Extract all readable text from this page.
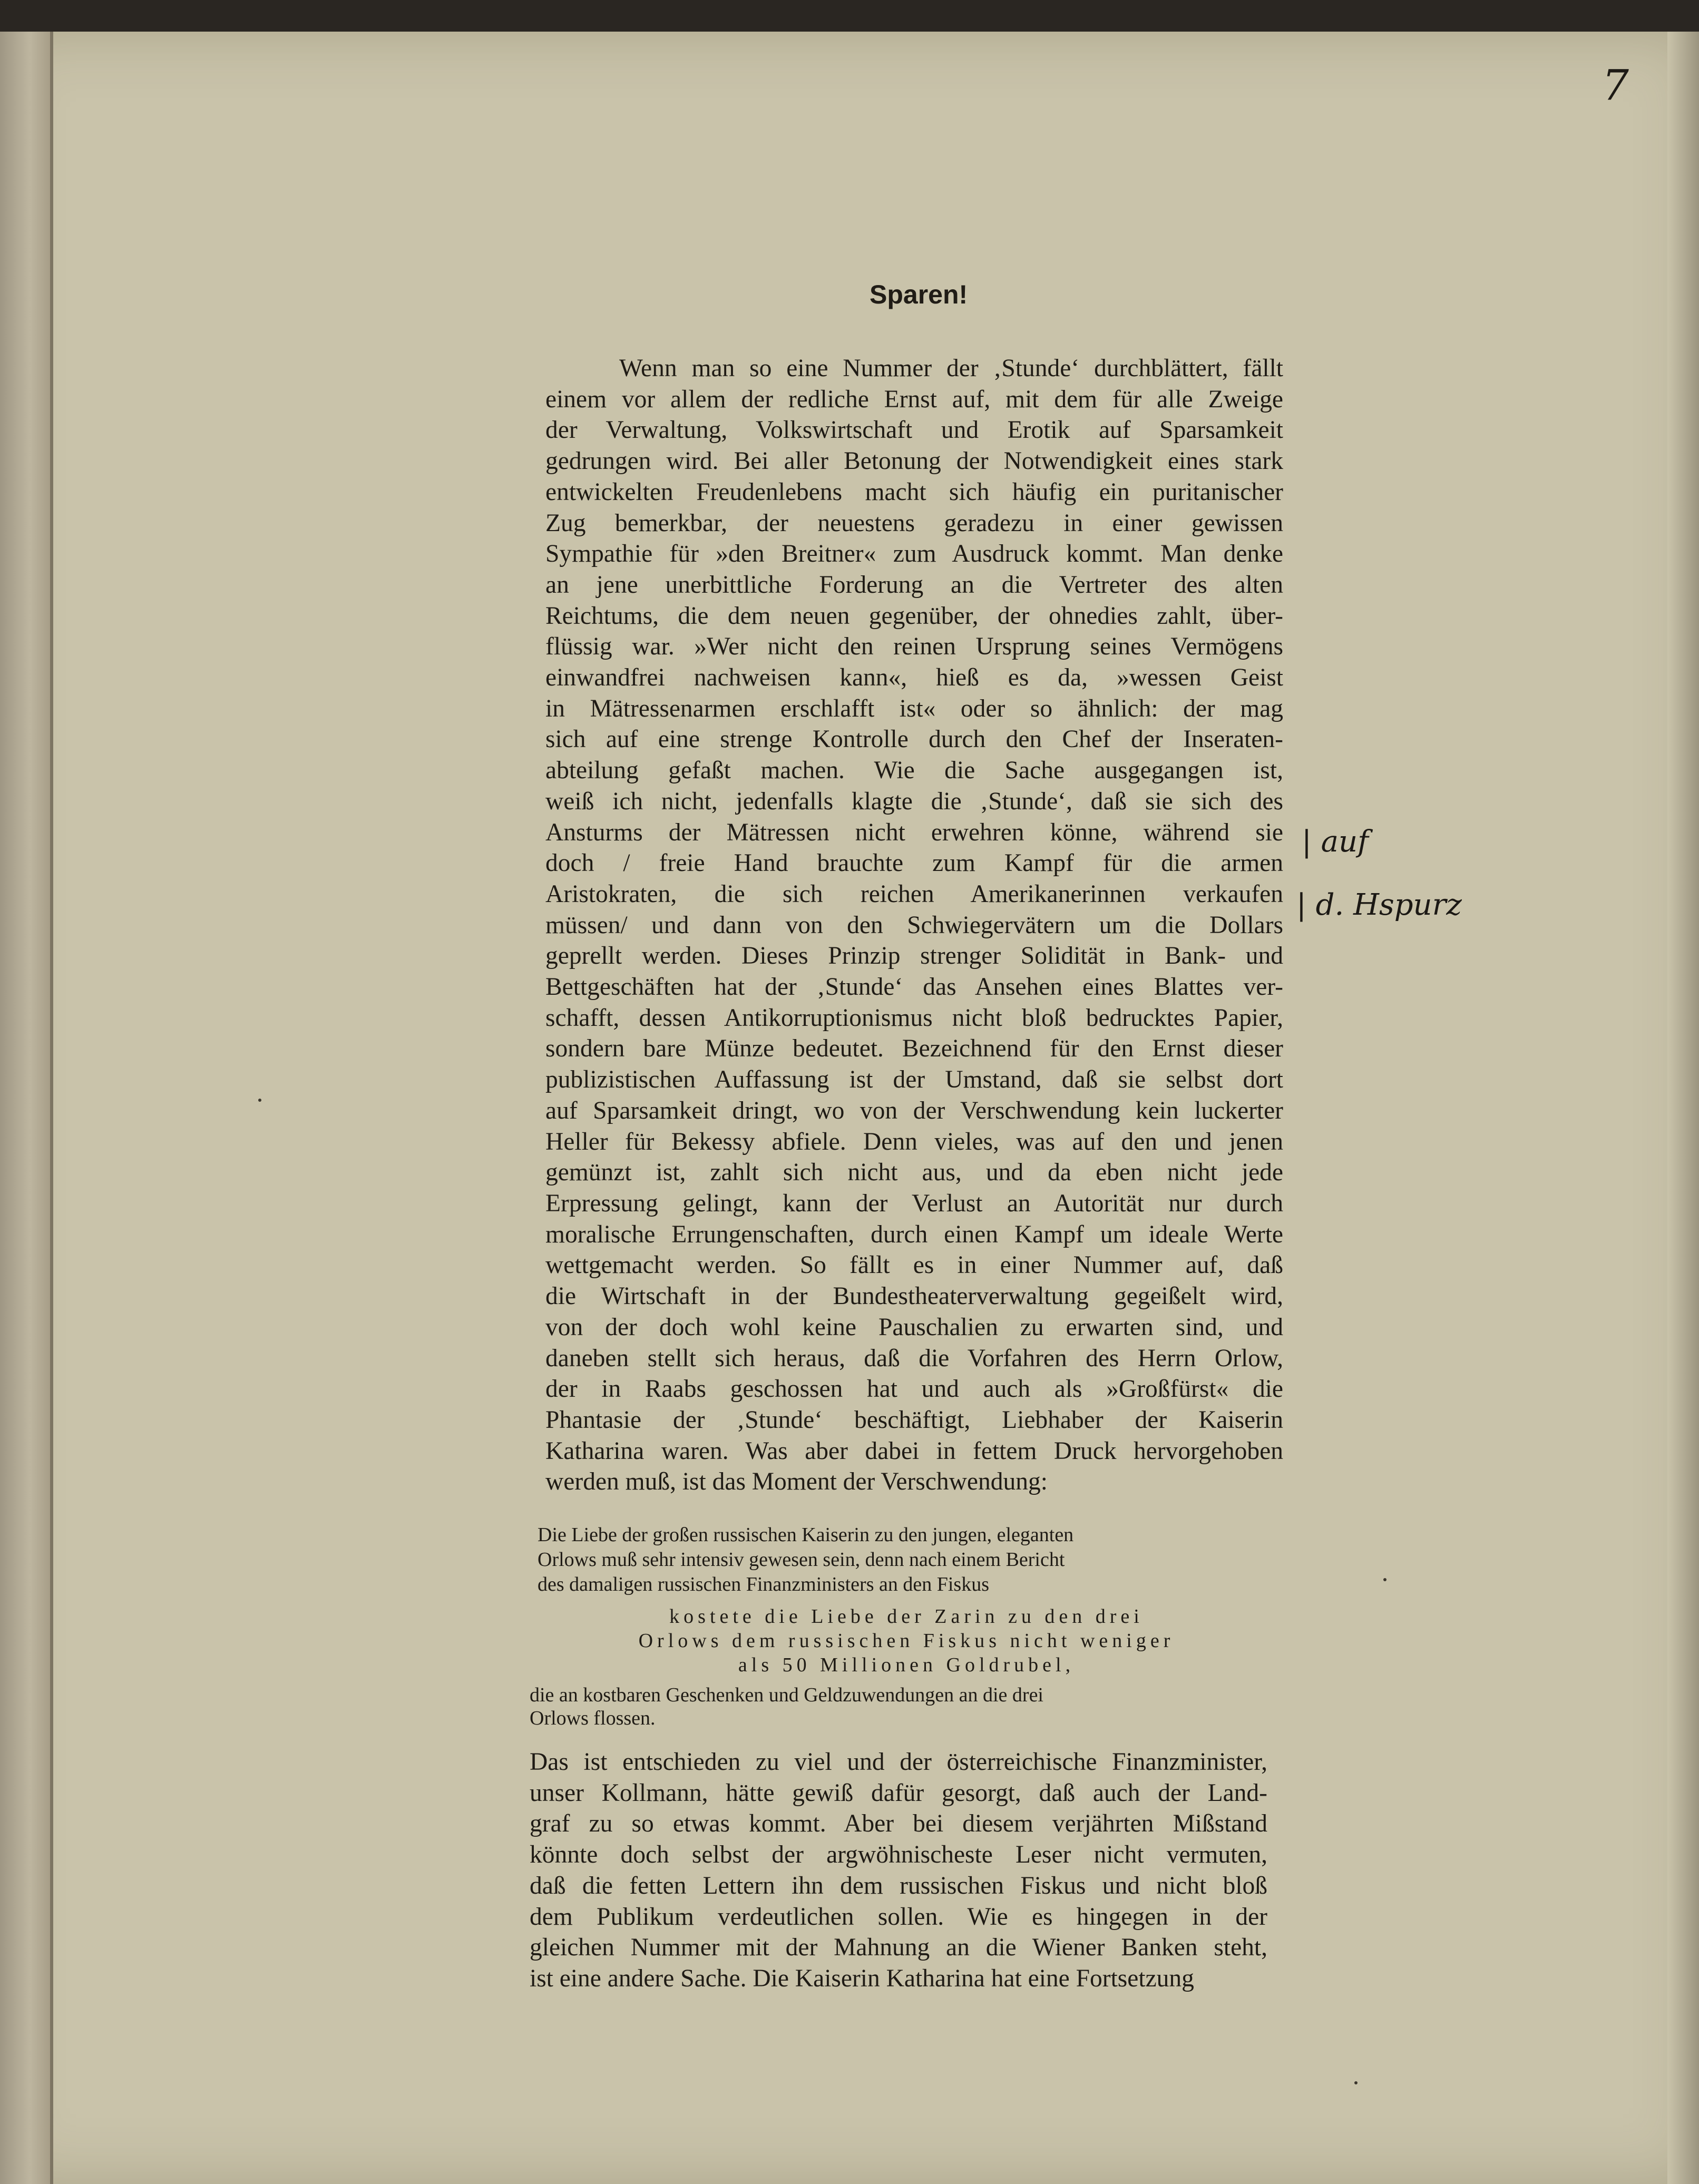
7
Sparen!
Wenn man so eine Nummer der ‚Stunde‘ durchblättert, fällt
einem vor allem der redliche Ernst auf, mit dem für alle Zweige
der Verwaltung, Volkswirtschaft und Erotik auf Sparsamkeit
gedrungen wird. Bei aller Betonung der Notwendigkeit eines stark
entwickelten Freudenlebens macht sich häufig ein puritanischer
Zug bemerkbar, der neuestens geradezu in einer gewissen
Sympathie für »den Breitner« zum Ausdruck kommt. Man denke
an jene unerbittliche Forderung an die Vertreter des alten
Reichtums, die dem neuen gegenüber, der ohnedies zahlt, über-
flüssig war. »Wer nicht den reinen Ursprung seines Vermögens
einwandfrei nachweisen kann«, hieß es da, »wessen Geist
in Mätressenarmen erschlafft ist« oder so ähnlich: der mag
sich auf eine strenge Kontrolle durch den Chef der Inseraten-
abteilung gefaßt machen. Wie die Sache ausgegangen ist,
weiß ich nicht, jedenfalls klagte die ‚Stunde‘, daß sie sich des
Ansturms der Mätressen nicht erwehren könne, während sie
doch / freie Hand brauchte zum Kampf für die armen
Aristokraten, die sich reichen Amerikanerinnen verkaufen
müssen/ und dann von den Schwiegervätern um die Dollars
geprellt werden. Dieses Prinzip strenger Solidität in Bank- und
Bettgeschäften hat der ‚Stunde‘ das Ansehen eines Blattes ver-
schafft, dessen Antikorruptionismus nicht bloß bedrucktes Papier,
sondern bare Münze bedeutet. Bezeichnend für den Ernst dieser
publizistischen Auffassung ist der Umstand, daß sie selbst dort
auf Sparsamkeit dringt, wo von der Verschwendung kein luckerter
Heller für Bekessy abfiele. Denn vieles, was auf den und jenen
gemünzt ist, zahlt sich nicht aus, und da eben nicht jede
Erpressung gelingt, kann der Verlust an Autorität nur durch
moralische Errungenschaften, durch einen Kampf um ideale Werte
wettgemacht werden. So fällt es in einer Nummer auf, daß
die Wirtschaft in der Bundestheaterverwaltung gegeißelt wird,
von der doch wohl keine Pauschalien zu erwarten sind, und
daneben stellt sich heraus, daß die Vorfahren des Herrn Orlow,
der in Raabs geschossen hat und auch als »Großfürst« die
Phantasie der ‚Stunde‘ beschäftigt, Liebhaber der Kaiserin
Katharina waren. Was aber dabei in fettem Druck hervorgehoben
werden muß, ist das Moment der Verschwendung:
Die Liebe der großen russischen Kaiserin zu den jungen, eleganten
Orlows muß sehr intensiv gewesen sein, denn nach einem Bericht
des damaligen russischen Finanzministers an den Fiskus
kostete die Liebe der Zarin zu den drei
Orlows dem russischen Fiskus nicht weniger
als 50 Millionen Goldrubel,
die an kostbaren Geschenken und Geldzuwendungen an die drei
Orlows flossen.
Das ist entschieden zu viel und der österreichische Finanzminister,
unser Kollmann, hätte gewiß dafür gesorgt, daß auch der Land-
graf zu so etwas kommt. Aber bei diesem verjährten Mißstand
könnte doch selbst der argwöhnischeste Leser nicht vermuten,
daß die fetten Lettern ihn dem russischen Fiskus und nicht bloß
dem Publikum verdeutlichen sollen. Wie es hingegen in der
gleichen Nummer mit der Mahnung an die Wiener Banken steht,
ist eine andere Sache. Die Kaiserin Katharina hat eine Fortsetzung
| auf
| d. Hspurz
